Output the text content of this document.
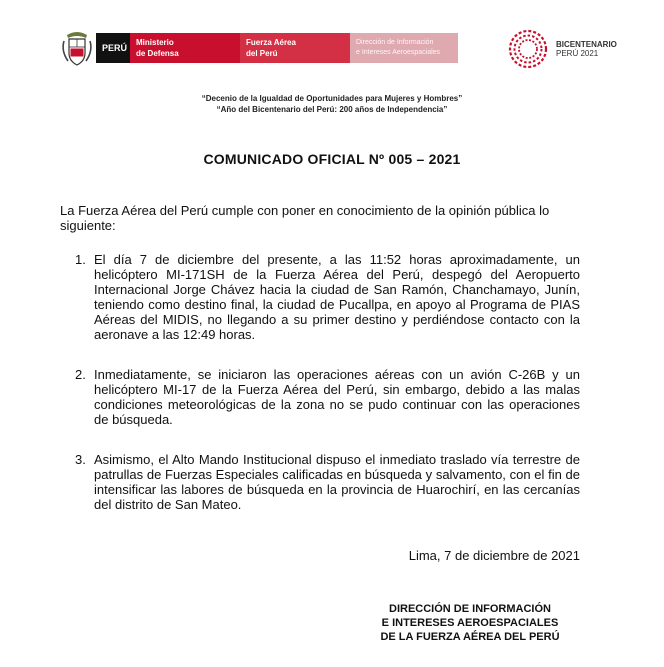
PERÚ Ministerio
de Defensa
Fuerza Aérea
del Perú
Dirección de Información
e Intereses Aeroespaciales
BICENTENARIO
PERÚ 2021
“Decenio de la Igualdad de Oportunidades para Mujeres y Hombres”
“Año del Bicentenario del Perú: 200 años de Independencia”
COMUNICADO OFICIAL Nº 005 – 2021
La Fuerza Aérea del Perú cumple con poner en conocimiento de la opinión pública lo siguiente:
1. El día 7 de diciembre del presente, a las 11:52 horas aproximadamente, un helicóptero MI-171SH de la Fuerza Aérea del Perú, despegó del Aeropuerto Internacional Jorge Chávez hacia la ciudad de San Ramón, Chanchamayo, Junín, teniendo como destino final, la ciudad de Pucallpa, en apoyo al Programa de PIAS Aéreas del MIDIS, no llegando a su primer destino y perdiéndose contacto con la aeronave a las 12:49 horas.
2. Inmediatamente, se iniciaron las operaciones aéreas con un avión C-26B y un helicóptero MI-17 de la Fuerza Aérea del Perú, sin embargo, debido a las malas condiciones meteorológicas de la zona no se pudo continuar con las operaciones de búsqueda.
3. Asimismo, el Alto Mando Institucional dispuso el inmediato traslado vía terrestre de patrullas de Fuerzas Especiales calificadas en búsqueda y salvamento, con el fin de intensificar las labores de búsqueda en la provincia de Huarochirí, en las cercanías del distrito de San Mateo.
Lima, 7 de diciembre de 2021
DIRECCIÓN DE INFORMACIÓN
E INTERESES AEROESPACIALES
DE LA FUERZA AÉREA DEL PERÚ
